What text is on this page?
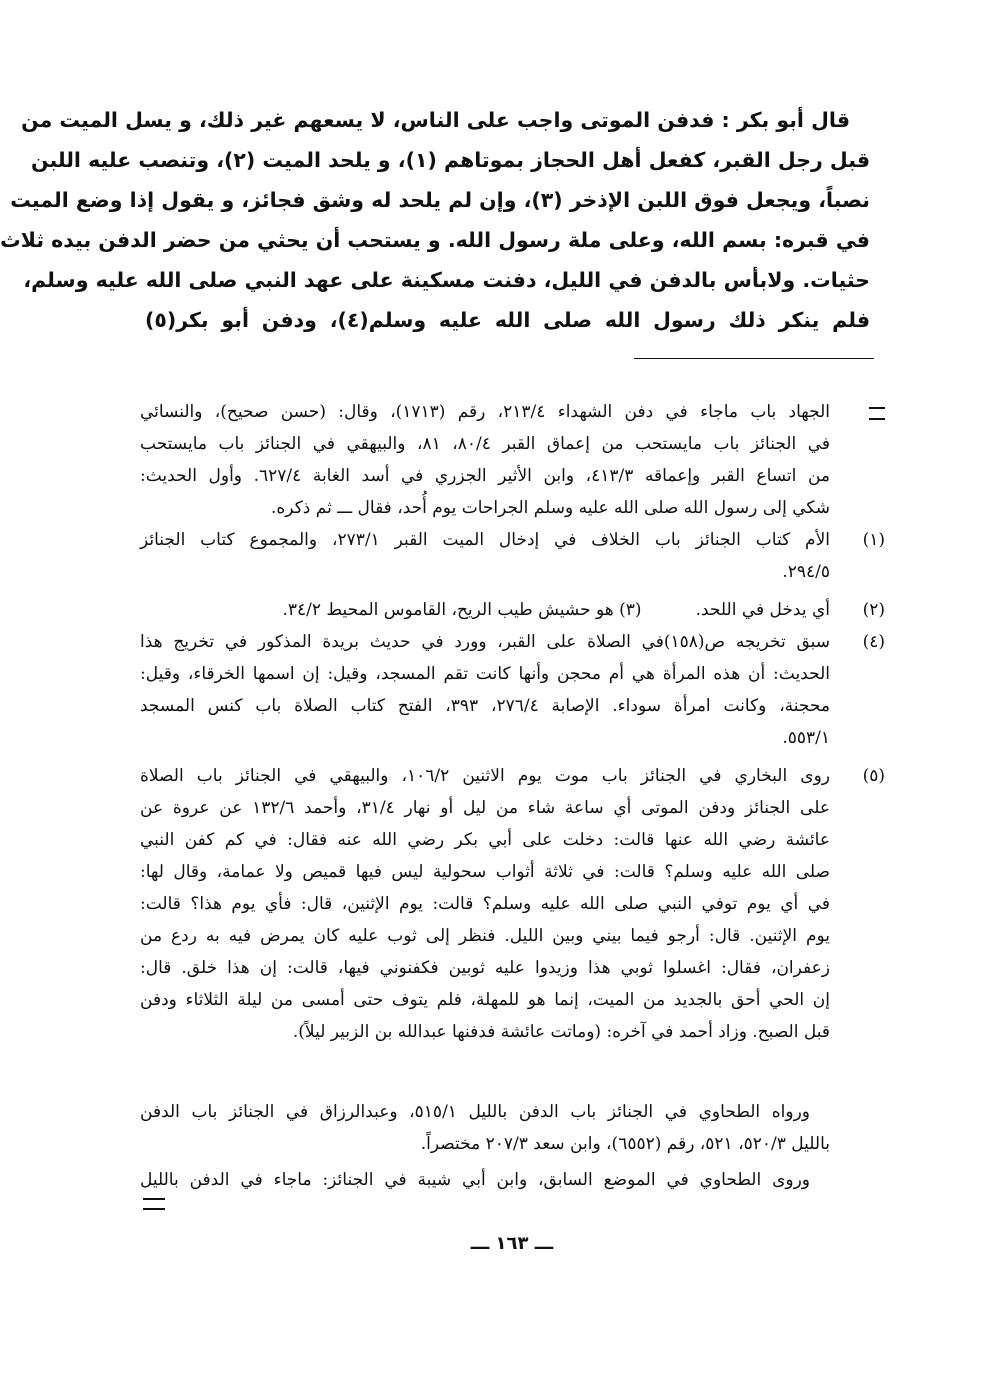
قال أبو بكر : فدفن الموتى واجب على الناس، لا يسعهم غير ذلك، و يسل الميت من
قبل رجل القبر، كفعل أهل الحجاز بموتاهم (١)، و يلحد الميت (٢)، وتنصب عليه اللبن
نصباً، ويجعل فوق اللبن الإذخر (٣)، وإن لم يلحد له وشق فجائز، و يقول إذا وضع الميت
في قبره: بسم الله، وعلى ملة رسول الله. و يستحب أن يحثي من حضر الدفن بيده ثلاث
حثيات. ولابأس بالدفن في الليل، دفنت مسكينة على عهد النبي صلى الله عليه وسلم،
فلم ينكر ذلك رسول الله صلى الله عليه وسلم(٤)، ودفن أبو بكر(٥)
الجهاد باب ماجاء في دفن الشهداء ٢١٣/٤، رقم (١٧١٣)، وقال: (حسن صحيح)، والنسائي
في الجنائز باب مايستحب من إعماق القبر ٨٠/٤، ٨١، والبيهقي في الجنائز باب مايستحب
من اتساع القبر وإعماقه ٤١٣/٣، وابن الأثير الجزري في أسد الغابة ٦٢٧/٤. وأول الحديث:
شكي إلى رسول الله صلى الله عليه وسلم الجراحات يوم أُحد، فقال ـــ ثم ذكره.
(١)
الأم كتاب الجنائز باب الخلاف في إدخال الميت القبر ٢٧٣/١، والمجموع كتاب الجنائز
٢٩٤/٥.
(٢)
أي يدخل في اللحد.          (٣) هو حشيش طيب الريح، القاموس المحيط ٣٤/٢.
(٤)
سبق تخريجه ص(١٥٨)في الصلاة على القبر، وورد في حديث بريدة المذكور في تخريج هذا
الحديث: أن هذه المرأة هي أم محجن وأنها كانت تقم المسجد، وقيل: إن اسمها الخرقاء، وقيل:
محجنة، وكانت امرأة سوداء. الإصابة ٢٧٦/٤، ٣٩٣، الفتح كتاب الصلاة باب كنس المسجد
٥٥٣/١.
(٥)
روى البخاري في الجنائز باب موت يوم الاثنين ١٠٦/٢، والبيهقي في الجنائز باب الصلاة
على الجنائز ودفن الموتى أي ساعة شاء من ليل أو نهار ٣١/٤، وأحمد ١٣٢/٦ عن عروة عن
عائشة رضي الله عنها قالت: دخلت على أبي بكر رضي الله عنه فقال: في كم كفن النبي
صلى الله عليه وسلم؟ قالت: في ثلاثة أثواب سحولية ليس فيها قميص ولا عمامة، وقال لها:
في أي يوم توفي النبي صلى الله عليه وسلم؟ قالت: يوم الإثنين، قال: فأي يوم هذا؟ قالت:
يوم الإثنين. قال: أرجو فيما بيني وبين الليل. فنظر إلى ثوب عليه كان يمرض فيه به ردع من
زعفران، فقال: اغسلوا ثوبي هذا وزيدوا عليه ثوبين فكفنوني فيها، قالت: إن هذا خلق. قال:
إن الحي أحق بالجديد من الميت، إنما هو للمهلة، فلم يتوف حتى أمسى من ليلة الثلاثاء ودفن
قبل الصبح. وزاد أحمد في آخره: (وماتت عائشة فدفنها عبدالله بن الزبير ليلاً).
ورواه الطحاوي في الجنائز باب الدفن بالليل ٥١٥/١، وعبدالرزاق في الجنائز باب الدفن
بالليل ٥٢٠/٣، ٥٢١، رقم (٦٥٥٢)، وابن سعد ٢٠٧/٣ مختصراً.
وروى الطحاوي في الموضع السابق، وابن أبي شيبة في الجنائز: ماجاء في الدفن بالليل
ـــ ١٦٣ ـــ
